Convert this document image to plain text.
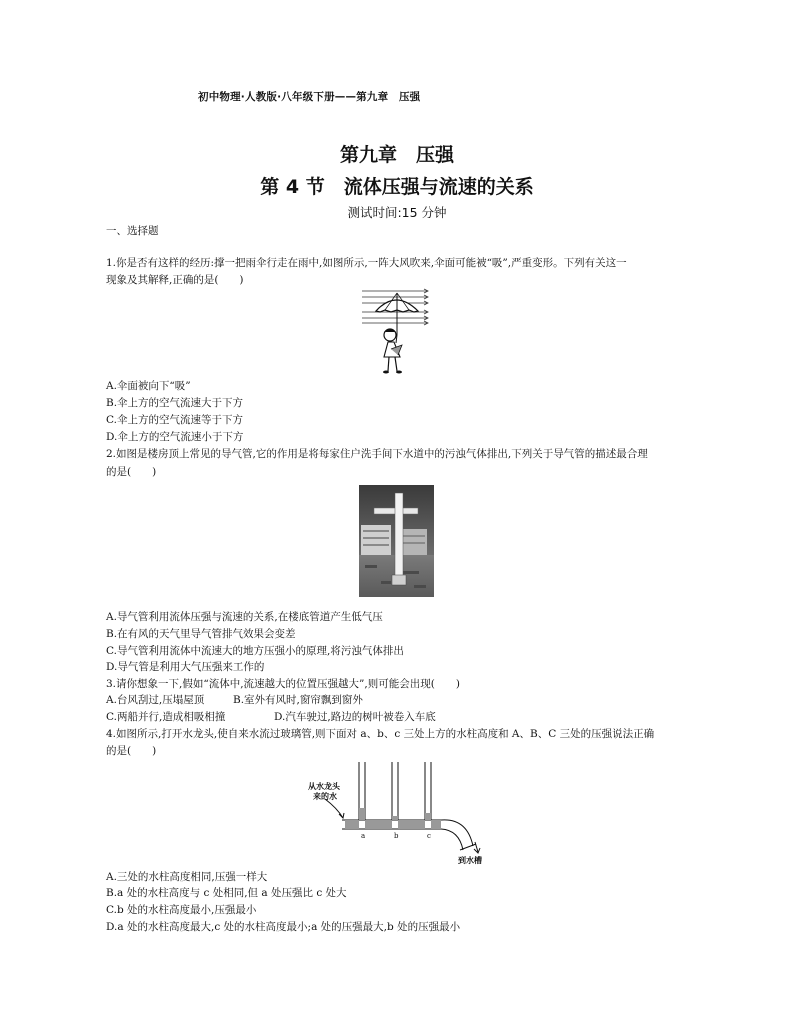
初中物理·人教版·八年级下册——第九章　压强
第九章　压强
第 4 节　流体压强与流速的关系
测试时间:15 分钟
一、选择题
1.你是否有这样的经历:撑一把雨伞行走在雨中,如图所示,一阵大风吹来,伞面可能被“吸”,严重变形。下列有关这一
现象及其解释,正确的是(　　)
A.伞面被向下“吸”
B.伞上方的空气流速大于下方
C.伞上方的空气流速等于下方
D.伞上方的空气流速小于下方
2.如图是楼房顶上常见的导气管,它的作用是将每家住户洗手间下水道中的污浊气体排出,下列关于导气管的描述最合理
的是(　　)
A.导气管利用流体压强与流速的关系,在楼底管道产生低气压
B.在有风的天气里导气管排气效果会变差
C.导气管利用流体中流速大的地方压强小的原理,将污浊气体排出
D.导气管是利用大气压强来工作的
3.请你想象一下,假如“流体中,流速越大的位置压强越大”,则可能会出现(　　)
A.台风刮过,压塌屋顶	B.室外有风时,窗帘飘到窗外
C.两船并行,造成相吸相撞	D.汽车驶过,路边的树叶被卷入车底
4.如图所示,打开水龙头,使自来水流过玻璃管,则下面对 a、b、c 三处上方的水柱高度和 A、B、C 三处的压强说法正确
的是(　　)
从水龙头
来的水
a	b	c
到水槽
A.三处的水柱高度相同,压强一样大
B.a 处的水柱高度与 c 处相同,但 a 处压强比 c 处大
C.b 处的水柱高度最小,压强最小
D.a 处的水柱高度最大,c 处的水柱高度最小;a 处的压强最大,b 处的压强最小
